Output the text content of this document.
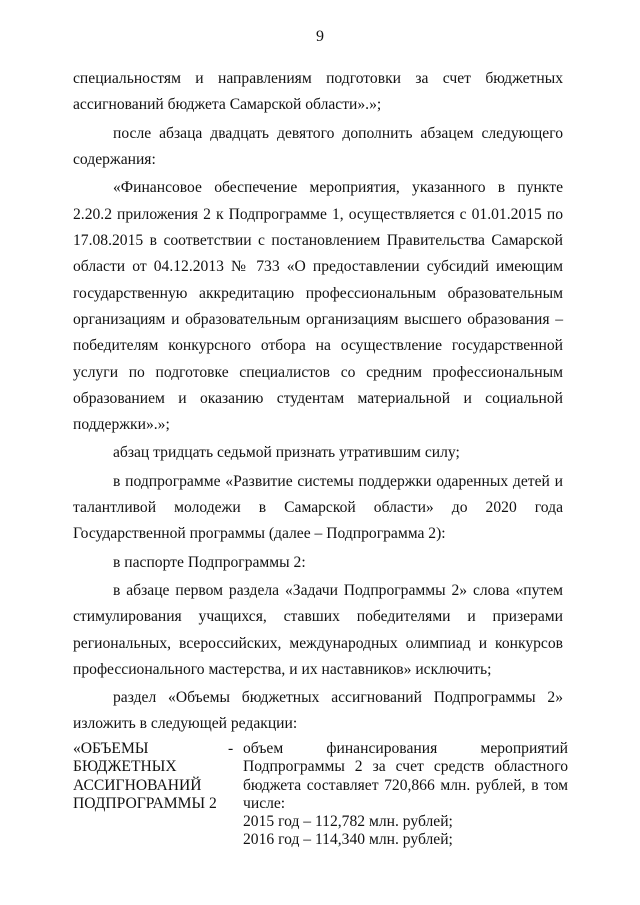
9

специальностям и направлениям подготовки за счет бюджетных ассигнований бюджета Самарской области».»;

после абзаца двадцать девятого дополнить абзацем следующего содержания:

«Финансовое обеспечение мероприятия, указанного в пункте 2.20.2 приложения 2 к Подпрограмме 1, осуществляется с 01.01.2015 по 17.08.2015 в соответствии с постановлением Правительства Самарской области от 04.12.2013 № 733 «О предоставлении субсидий имеющим государственную аккредитацию профессиональным образовательным организациям и образовательным организациям высшего образования – победителям конкурсного отбора на осуществление государственной услуги по подготовке специалистов со средним профессиональным образованием и оказанию студентам материальной и социальной поддержки».»;

абзац тридцать седьмой признать утратившим силу;

в подпрограмме «Развитие системы поддержки одаренных детей и талантливой молодежи в Самарской области» до 2020 года Государственной программы (далее – Подпрограмма 2):

в паспорте Подпрограммы 2:

в абзаце первом раздела «Задачи Подпрограммы 2» слова «путем стимулирования учащихся, ставших победителями и призерами региональных, всероссийских, международных олимпиад и конкурсов профессионального мастерства, и их наставников» исключить;

раздел «Объемы бюджетных ассигнований Подпрограммы 2» изложить в следующей редакции:

«ОБЪЕМЫ
БЮДЖЕТНЫХ
АССИГНОВАНИЙ
ПОДПРОГРАММЫ 2
- объем финансирования мероприятий Подпрограммы 2 за счет средств областного бюджета составляет 720,866 млн. рублей, в том числе:
2015 год – 112,782 млн. рублей;
2016 год – 114,340 млн. рублей;
